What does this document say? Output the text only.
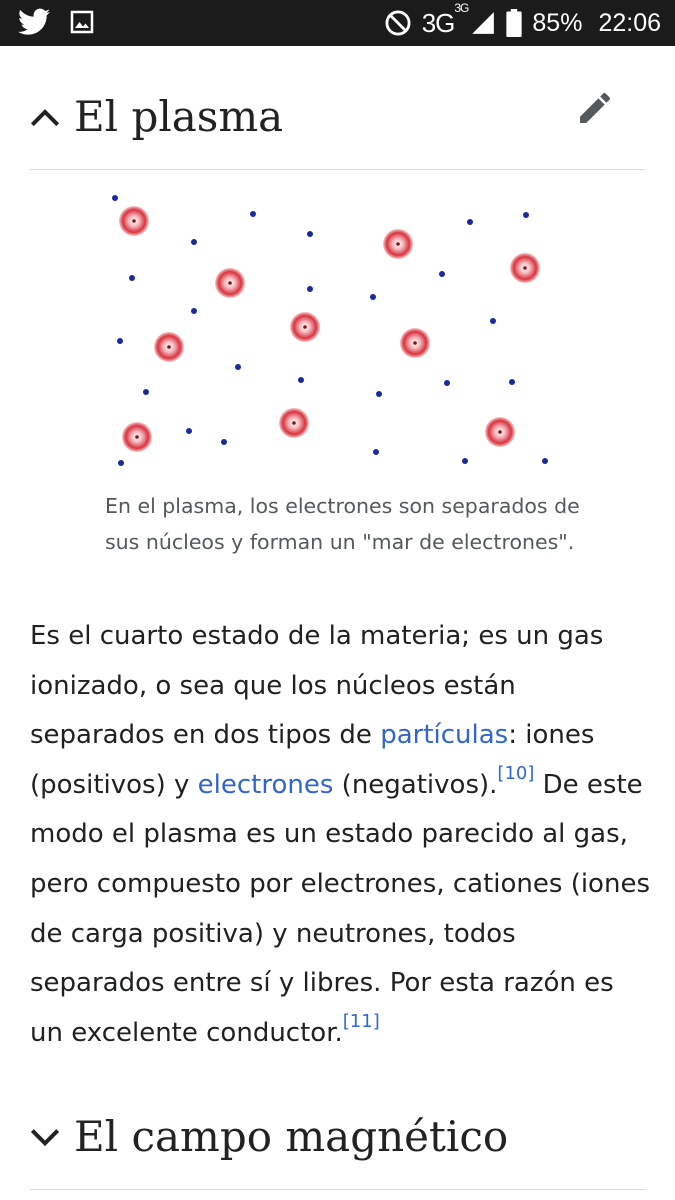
$3G^{3G}$
85% 22:06
El plasma
En el plasma, los electrones son separados de sus núcleos y forman un "mar de electrones".

Es el cuarto estado de la materia; es un gas ionizado, o sea que los núcleos están separados en dos tipos de partículas: iones (positivos) y electrones (negativos).[10] De este modo el plasma es un estado parecido al gas, pero compuesto por electrones, cationes (iones de carga positiva) y neutrones, todos separados entre sí y libres. Por esta razón es un excelente conductor.[11]

El campo magnético
